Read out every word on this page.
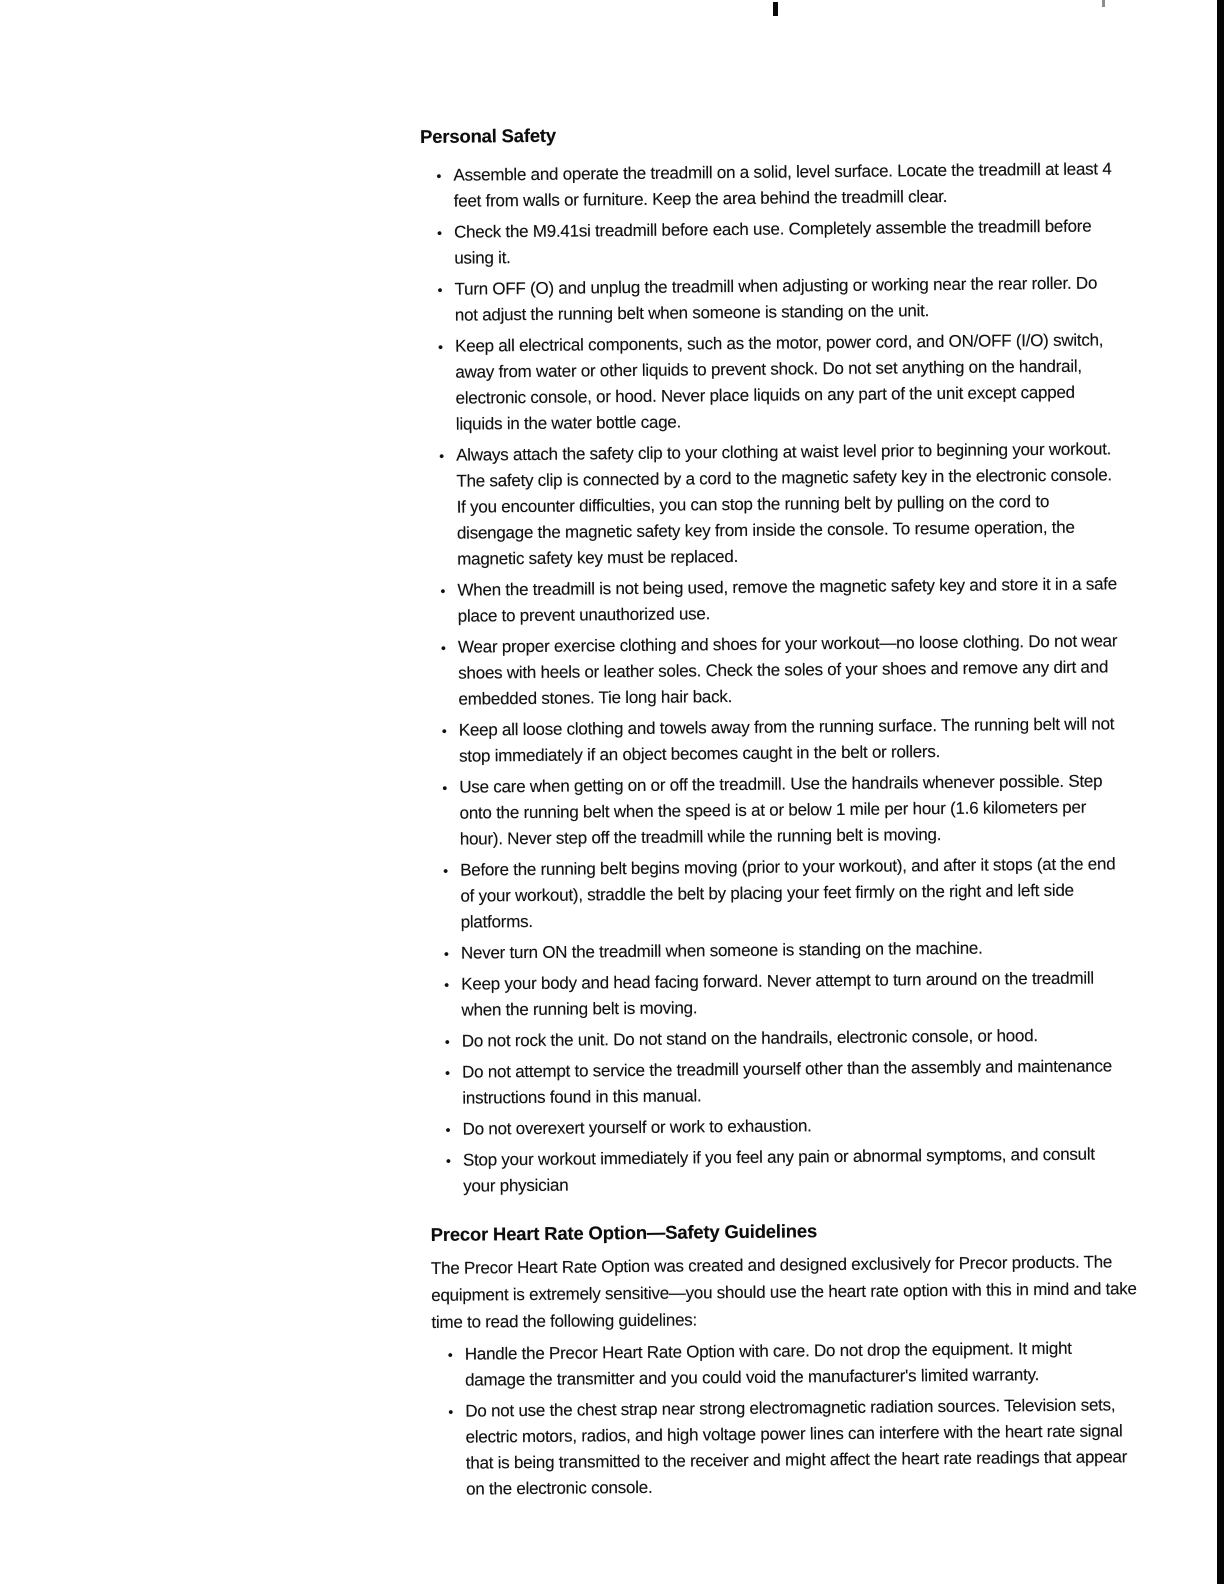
Personal Safety
• Assemble and operate the treadmill on a solid, level surface. Locate the treadmill at least 4 feet from walls or furniture. Keep the area behind the treadmill clear.
• Check the M9.41si treadmill before each use. Completely assemble the treadmill before using it.
• Turn OFF (O) and unplug the treadmill when adjusting or working near the rear roller. Do not adjust the running belt when someone is standing on the unit.
• Keep all electrical components, such as the motor, power cord, and ON/OFF (I/O) switch, away from water or other liquids to prevent shock. Do not set anything on the handrail, electronic console, or hood. Never place liquids on any part of the unit except capped liquids in the water bottle cage.
• Always attach the safety clip to your clothing at waist level prior to beginning your workout. The safety clip is connected by a cord to the magnetic safety key in the electronic console. If you encounter difficulties, you can stop the running belt by pulling on the cord to disengage the magnetic safety key from inside the console. To resume operation, the magnetic safety key must be replaced.
• When the treadmill is not being used, remove the magnetic safety key and store it in a safe place to prevent unauthorized use.
• Wear proper exercise clothing and shoes for your workout—no loose clothing. Do not wear shoes with heels or leather soles. Check the soles of your shoes and remove any dirt and embedded stones. Tie long hair back.
• Keep all loose clothing and towels away from the running surface. The running belt will not stop immediately if an object becomes caught in the belt or rollers.
• Use care when getting on or off the treadmill. Use the handrails whenever possible. Step onto the running belt when the speed is at or below 1 mile per hour (1.6 kilometers per hour). Never step off the treadmill while the running belt is moving.
• Before the running belt begins moving (prior to your workout), and after it stops (at the end of your workout), straddle the belt by placing your feet firmly on the right and left side platforms.
• Never turn ON the treadmill when someone is standing on the machine.
• Keep your body and head facing forward. Never attempt to turn around on the treadmill when the running belt is moving.
• Do not rock the unit. Do not stand on the handrails, electronic console, or hood.
• Do not attempt to service the treadmill yourself other than the assembly and maintenance instructions found in this manual.
• Do not overexert yourself or work to exhaustion.
• Stop your workout immediately if you feel any pain or abnormal symptoms, and consult your physician
Precor Heart Rate Option—Safety Guidelines

The Precor Heart Rate Option was created and designed exclusively for Precor products. The equipment is extremely sensitive—you should use the heart rate option with this in mind and take time to read the following guidelines:

• Handle the Precor Heart Rate Option with care. Do not drop the equipment. It might damage the transmitter and you could void the manufacturer's limited warranty.
• Do not use the chest strap near strong electromagnetic radiation sources. Television sets, electric motors, radios, and high voltage power lines can interfere with the heart rate signal that is being transmitted to the receiver and might affect the heart rate readings that appear on the electronic console.
